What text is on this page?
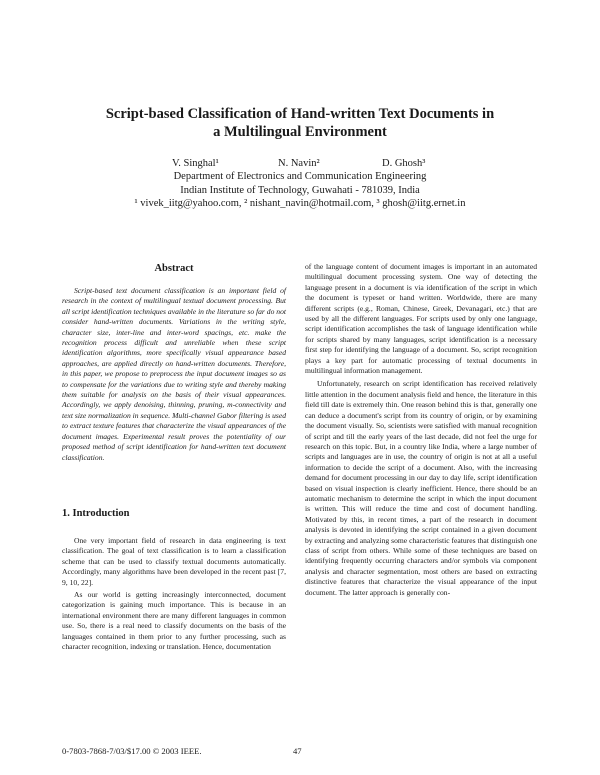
Script-based Classification of Hand-written Text Documents in
a Multilingual Environment
V. Singhal¹	N. Navin²	D. Ghosh³
Department of Electronics and Communication Engineering
Indian Institute of Technology, Guwahati - 781039, India
¹ vivek_iitg@yahoo.com, ² nishant_navin@hotmail.com, ³ ghosh@iitg.ernet.in
Abstract

Script-based text document classification is an important field of research in the context of multilingual textual document processing. But all script identification techniques available in the literature so far do not consider hand-written documents. Variations in the writing style, character size, inter-line and inter-word spacings, etc. make the recognition process difficult and unreliable when these script identification algorithms, more specifically visual appearance based approaches, are applied directly on hand-written documents. Therefore, in this paper, we propose to preprocess the input document images so as to compensate for the variations due to writing style and thereby making them suitable for analysis on the basis of their visual appearances. Accordingly, we apply denoising, thinning, pruning, m-connectivity and text size normalization in sequence. Multi-channel Gabor filtering is used to extract texture features that characterize the visual appearances of the document images. Experimental result proves the potentiality of our proposed method of script identification for hand-written text document classification.

1. Introduction

One very important field of research in data engineering is text classification. The goal of text classification is to learn a classification scheme that can be used to classify textual documents automatically. Accordingly, many algorithms have been developed in the recent past [7, 9, 10, 22].

As our world is getting increasingly interconnected, document categorization is gaining much importance. This is because in an international environment there are many different languages in common use. So, there is a real need to classify documents on the basis of the languages contained in them prior to any further processing, such as character recognition, indexing or translation. Hence, documentation

of the language content of document images is important in an automated multilingual document processing system. One way of detecting the language present in a document is via identification of the script in which the document is typeset or hand written. Worldwide, there are many different scripts (e.g., Roman, Chinese, Greek, Devanagari, etc.) that are used by all the different languages. For scripts used by only one language, script identification accomplishes the task of language identification while for scripts shared by many languages, script identification is a necessary first step for identifying the language of a document. So, script recognition plays a key part for automatic processing of textual documents in multilingual information management.

Unfortunately, research on script identification has received relatively little attention in the document analysis field and hence, the literature in this field till date is extremely thin. One reason behind this is that, generally one can deduce a document's script from its country of origin, or by examining the document visually. So, scientists were satisfied with manual recognition of script and till the early years of the last decade, did not feel the urge for research on this topic. But, in a country like India, where a large number of scripts and languages are in use, the country of origin is not at all a useful information to decide the script of a document. Also, with the increasing demand for document processing in our day to day life, script identification based on visual inspection is clearly inefficient. Hence, there should be an automatic mechanism to determine the script in which the input document is written. This will reduce the time and cost of document handling. Motivated by this, in recent times, a part of the research in document analysis is devoted in identifying the script contained in a given document by extracting and analyzing some characteristic features that distinguish one class of script from others. While some of these techniques are based on identifying frequently occurring characters and/or symbols via component analysis and character segmentation, most others are based on extracting distinctive features that characterize the visual appearance of the input document. The latter approach is generally con-

0-7803-7868-7/03/$17.00 © 2003 IEEE.	47
